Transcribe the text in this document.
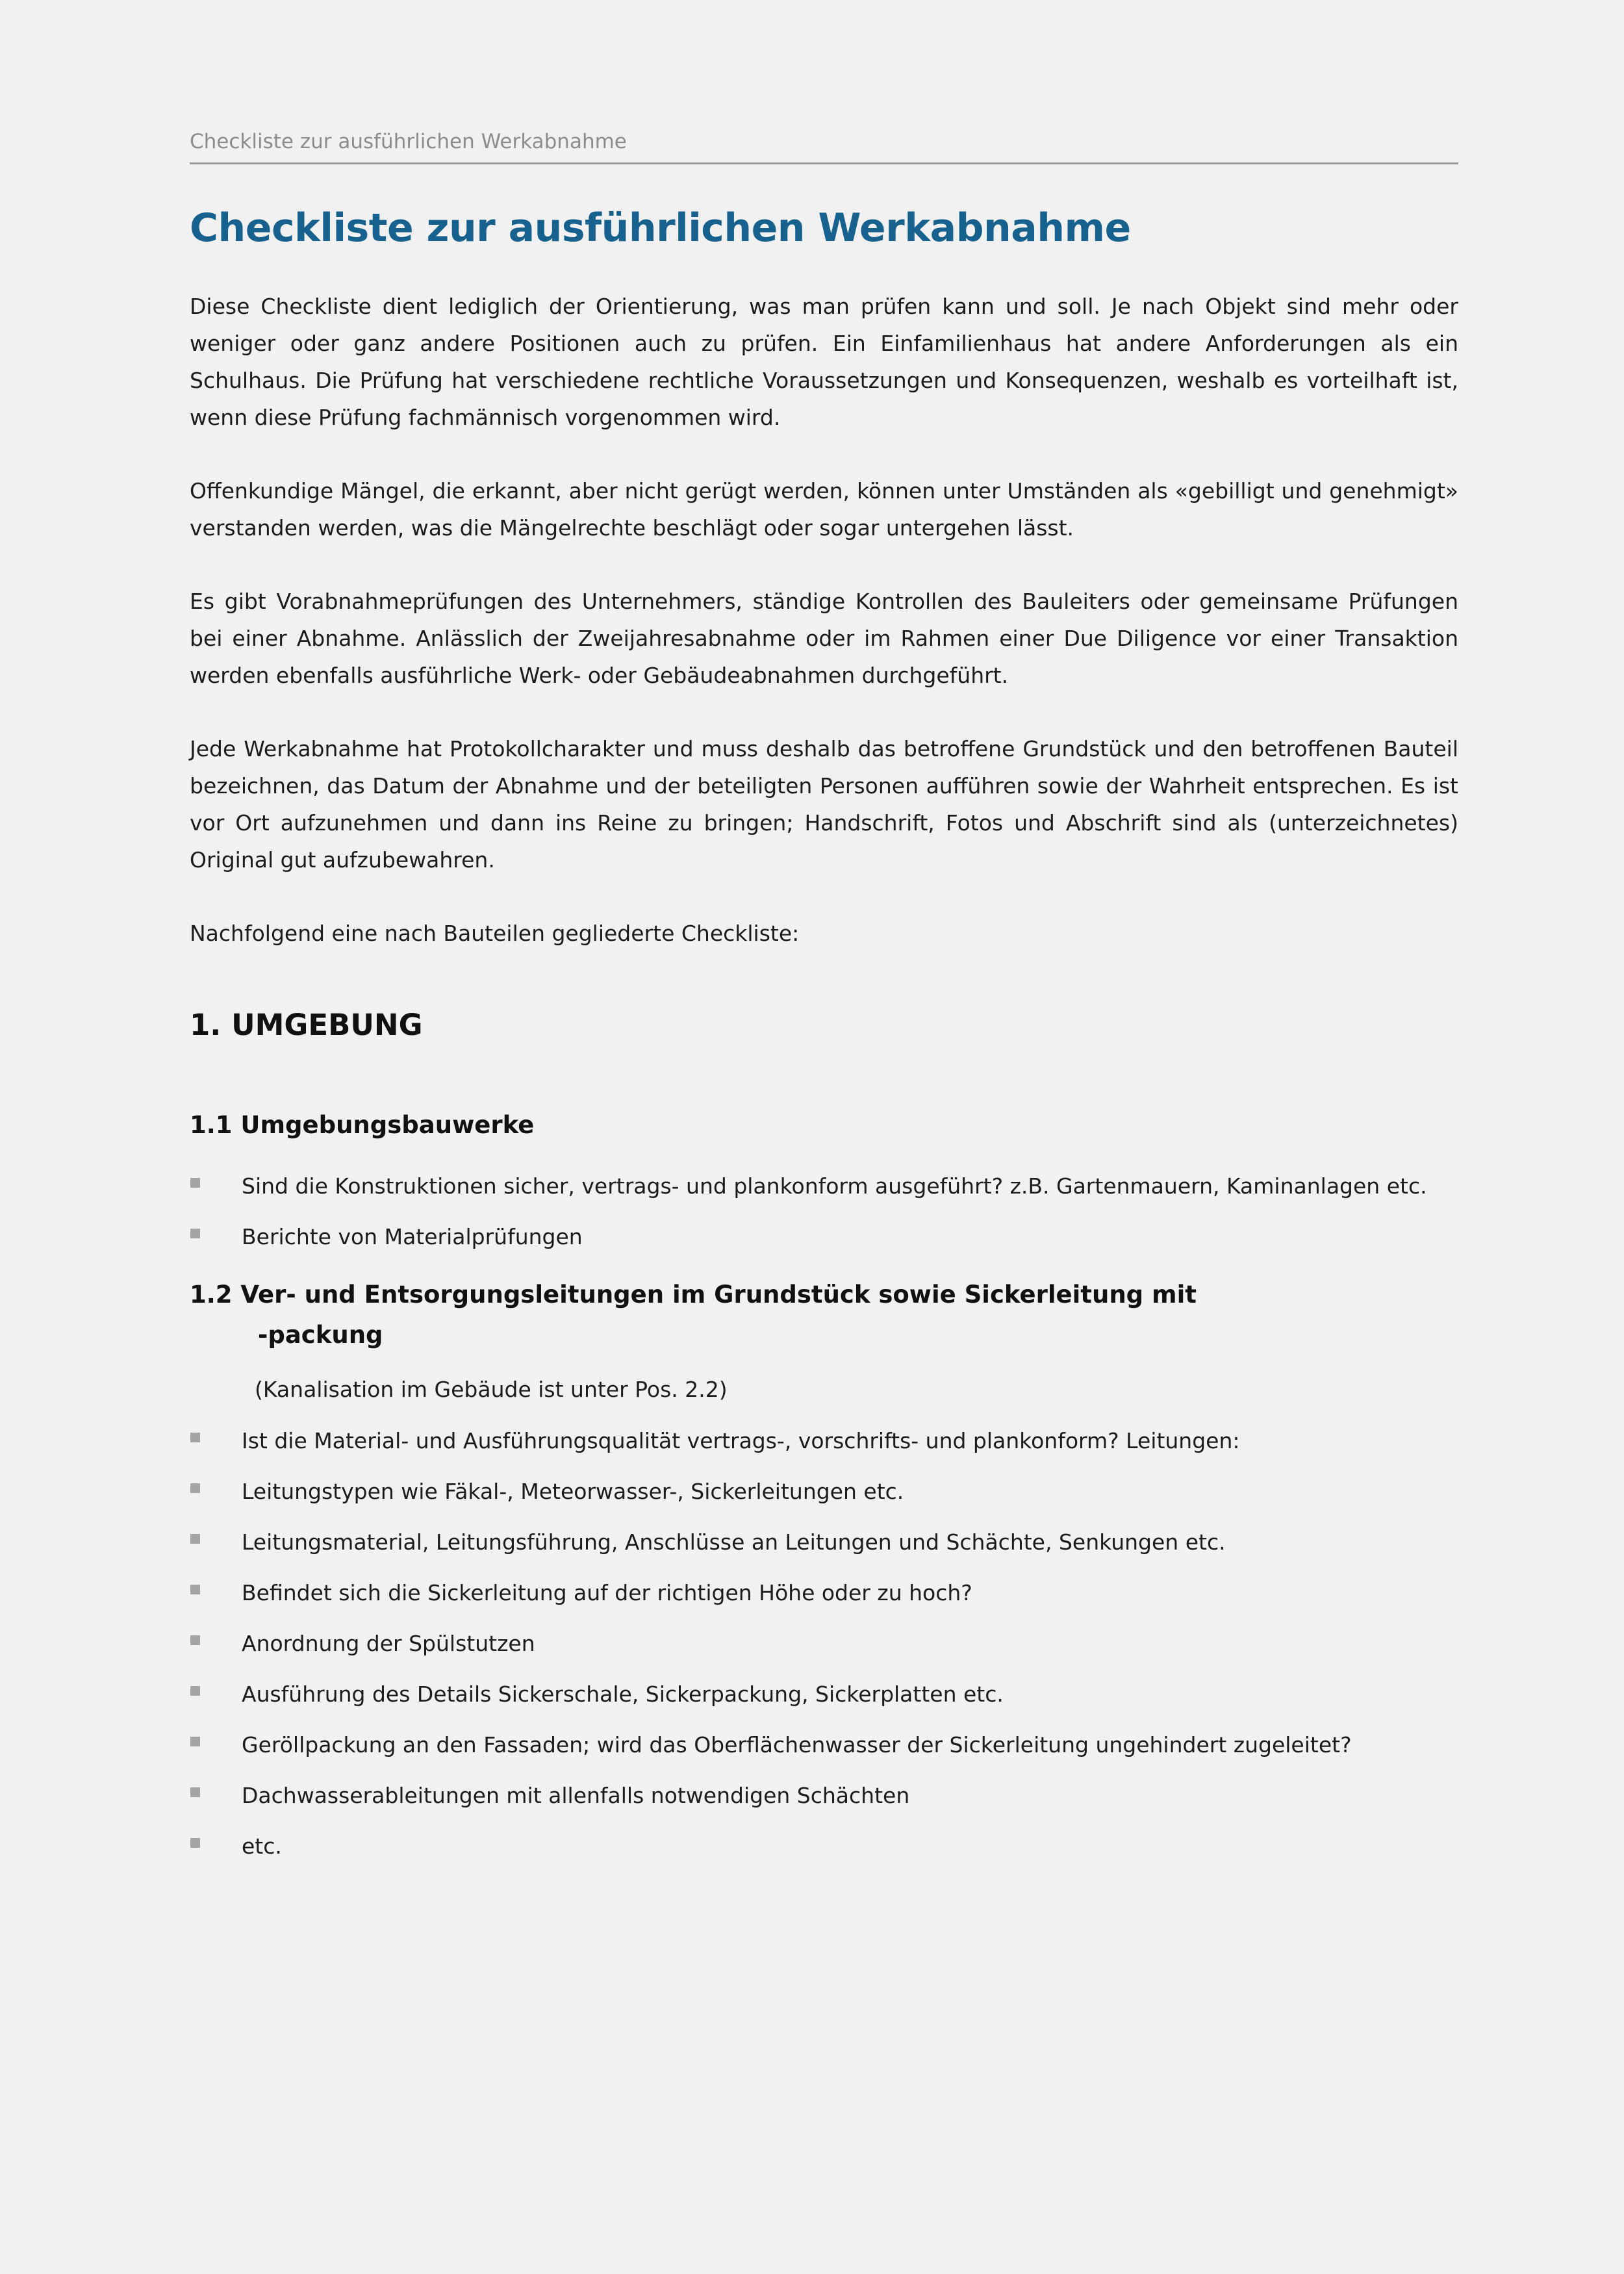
Checkliste zur ausführlichen Werkabnahme

Checkliste zur ausführlichen Werkabnahme

Diese Checkliste dient lediglich der Orientierung, was man prüfen kann und soll. Je nach Objekt sind mehr oder weniger oder ganz andere Positionen auch zu prüfen. Ein Einfamilienhaus hat andere Anforderungen als ein Schulhaus. Die Prüfung hat verschiedene rechtliche Voraussetzungen und Konsequenzen, weshalb es vorteilhaft ist, wenn diese Prüfung fachmännisch vorgenommen wird.

Offenkundige Mängel, die erkannt, aber nicht gerügt werden, können unter Umständen als «gebilligt und genehmigt» verstanden werden, was die Mängelrechte beschlägt oder sogar untergehen lässt.

Es gibt Vorabnahmeprüfungen des Unternehmers, ständige Kontrollen des Bauleiters oder gemeinsame Prüfungen bei einer Abnahme. Anlässlich der Zweijahresabnahme oder im Rahmen einer Due Diligence vor einer Transaktion werden ebenfalls ausführliche Werk- oder Gebäudeabnahmen durchgeführt.

Jede Werkabnahme hat Protokollcharakter und muss deshalb das betroffene Grundstück und den betroffenen Bauteil bezeichnen, das Datum der Abnahme und der beteiligten Personen aufführen sowie der Wahrheit entsprechen. Es ist vor Ort aufzunehmen und dann ins Reine zu bringen; Handschrift, Fotos und Abschrift sind als (unterzeichnetes) Original gut aufzubewahren.

Nachfolgend eine nach Bauteilen gegliederte Checkliste:

1. UMGEBUNG
1.1 Umgebungsbauwerke
Sind die Konstruktionen sicher, vertrags- und plankonform ausgeführt? z.B. Gartenmauern, Kaminanlagen etc.
Berichte von Materialprüfungen
1.2 Ver- und Entsorgungsleitungen im Grundstück sowie Sickerleitung mit
-packung

(Kanalisation im Gebäude ist unter Pos. 2.2)

Ist die Material- und Ausführungsqualität vertrags-, vorschrifts- und plankonform? Leitungen:
Leitungstypen wie Fäkal-, Meteorwasser-, Sickerleitungen etc.
Leitungsmaterial, Leitungsführung, Anschlüsse an Leitungen und Schächte, Senkungen etc.
Befindet sich die Sickerleitung auf der richtigen Höhe oder zu hoch?
Anordnung der Spülstutzen
Ausführung des Details Sickerschale, Sickerpackung, Sickerplatten etc.
Geröllpackung an den Fassaden; wird das Oberflächenwasser der Sickerleitung ungehindert zugeleitet?
Dachwasserableitungen mit allenfalls notwendigen Schächten
etc.
